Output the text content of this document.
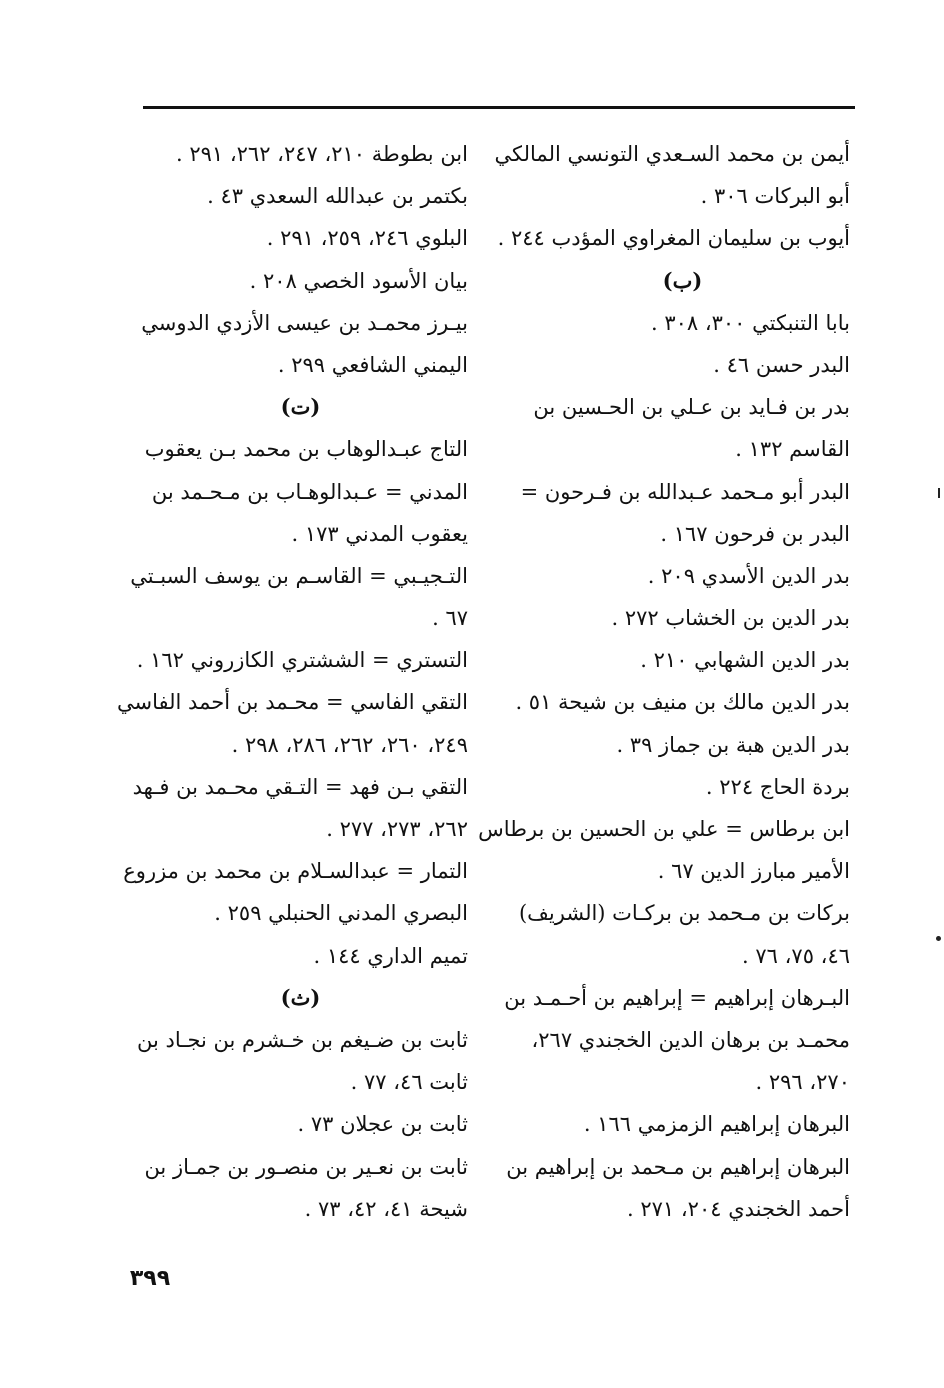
أيمن بن محمد السـعدي التونسي المالكي
أبو البركات ٣٠٦ .
أيوب بن سليمان المغراوي المؤدب ٢٤٤ .
(ب)
بابا التنبكتي ٣٠٠، ٣٠٨ .
البدر حسن ٤٦ .
بدر بن فـايد بن عـلي بن الحـسين بن
القاسم ١٣٢ .
البدر أبو مـحمد عـبدالله بن فـرحون =
البدر بن فرحون ١٦٧ .
بدر الدين الأسدي ٢٠٩ .
بدر الدين بن الخشاب ٢٧٢ .
بدر الدين الشهابي ٢١٠ .
بدر الدين مالك بن منيف بن شيحة ٥١ .
بدر الدين هبة بن جماز ٣٩ .
بردة الحاج ٢٢٤ .
ابن برطاس = علي بن الحسين بن برطاس
الأمير مبارز الدين ٦٧ .
بركات بن مـحمد بن بركـات (الشريف)
٤٦، ٧٥، ٧٦ .
البـرهان إبراهيم = إبراهيم بن أحـمـد بن
محمـد بن برهان الدين الخجندي ٢٦٧،
٢٧٠، ٢٩٦ .
البرهان إبراهيم الزمزمي ١٦٦ .
البرهان إبراهيم بن مـحمد بن إبراهيم بن
أحمد الخجندي ٢٠٤، ٢٧١ .
ابن بطوطة ٢١٠، ٢٤٧، ٢٦٢، ٢٩١ .
بكتمر بن عبدالله السعدي ٤٣ .
البلوي ٢٤٦، ٢٥٩، ٢٩١ .
بيان الأسود الخصي ٢٠٨ .
بيـرز محمـد بن عيسى الأزدي الدوسي
اليمني الشافعي ٢٩٩ .
(ت)
التاج عبـدالوهاب بن محمد بـن يعقوب
المدني = عـبدالوهـاب بن مـحـمد بن
يعقوب المدني ١٧٣ .
التـجيـبي = القاسـم بن يوسف السبـتي
٦٧ .
التستري = الششتري الكازروني ١٦٢ .
التقي الفاسي = محـمد بن أحمد الفاسي
٢٤٩، ٢٦٠، ٢٦٢، ٢٨٦، ٢٩٨ .
التقي بـن فهد = التـقي محـمد بن فـهد
٢٦٢، ٢٧٣، ٢٧٧ .
التمار = عبدالسـلام بن محمد بن مزروع
البصري المدني الحنبلي ٢٥٩ .
تميم الداري ١٤٤ .
(ث)
ثابت بن ضـيغم بن خـشرم بن نجـاد بن
ثابت ٤٦، ٧٧ .
ثابت بن عجلان ٧٣ .
ثابت بن نعـير بن منصـور بن جمـاز بن
شيحة ٤١، ٤٢، ٧٣ .
٣٩٩
